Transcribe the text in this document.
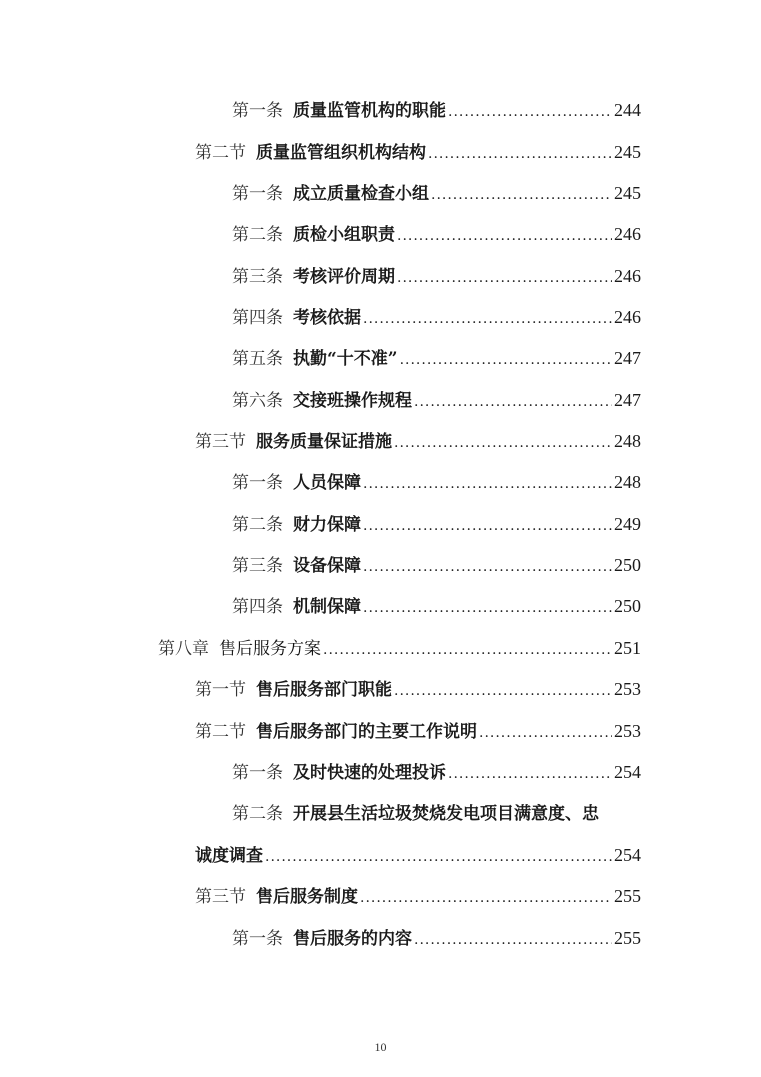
第一条 质量监管机构的职能 .....	244
第二节 质量监管组织机构结构 .....	245
第一条 成立质量检查小组 .....	245
第二条 质检小组职责 .....	246
第三条 考核评价周期 .....	246
第四条 考核依据 .....	246
第五条 执勤“十不准” .....	247
第六条 交接班操作规程 .....	247
第三节 服务质量保证措施 .....	248
第一条 人员保障 .....	248
第二条 财力保障 .....	249
第三条 设备保障 .....	250
第四条 机制保障 .....	250
第八章 售后服务方案 .....	251
第一节 售后服务部门职能 .....	253
第二节 售后服务部门的主要工作说明 .....	253
第一条 及时快速的处理投诉 .....	254
第二条 开展县生活垃圾焚烧发电项目满意度、忠
诚度调查 .....	254
第三节 售后服务制度 .....	255
第一条 售后服务的内容 .....	255
10
